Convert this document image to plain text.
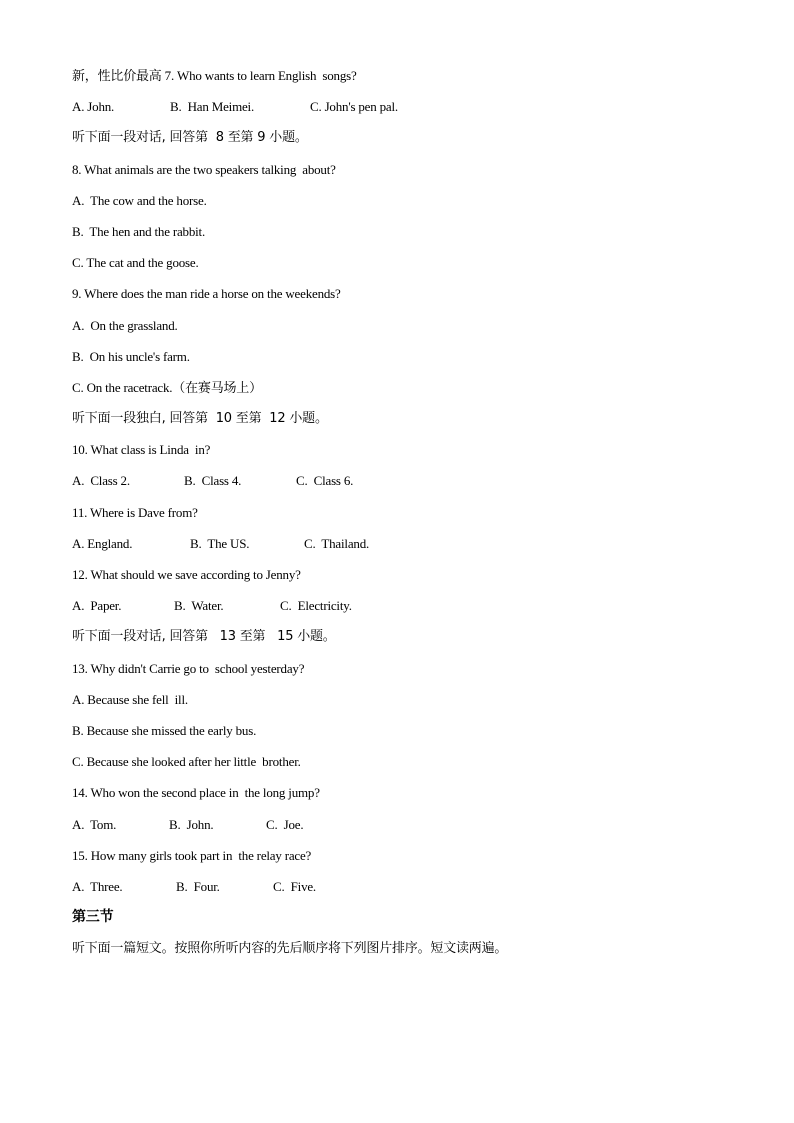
新，性比价最高 7. Who wants to learn English  songs?
A. John.	B.  Han Meimei.	C. John's pen pal.
听下面一段对话, 回答第  8 至第 9 小题。
8. What animals are the two speakers talking  about?
A.  The cow and the horse.
B.  The hen and the rabbit.
C. The cat and the goose.
9. Where does the man ride a horse on the weekends?
A.  On the grassland.
B.  On his uncle's farm.
C. On the racetrack.（在赛马场上）
听下面一段独白, 回答第  10 至第  12 小题。
10. What class is Linda  in?
A.  Class 2.	B.  Class 4.	C.  Class 6.
11. Where is Dave from?
A. England.	B.  The US.	C.  Thailand.
12. What should we save according to Jenny?
A.  Paper.	B.  Water.	C.  Electricity.
听下面一段对话, 回答第   13 至第   15 小题。
13. Why didn't Carrie go to  school yesterday?
A. Because she fell  ill.
B. Because she missed the early bus.
C. Because she looked after her little  brother.
14. Who won the second place in  the long jump?
A.  Tom.	B.  John.	C.  Joe.
15. How many girls took part in  the relay race?
A.  Three.	B.  Four.	C.  Five.
第三节
听下面一篇短文。按照你所听内容的先后顺序将下列图片排序。短文读两遍。
